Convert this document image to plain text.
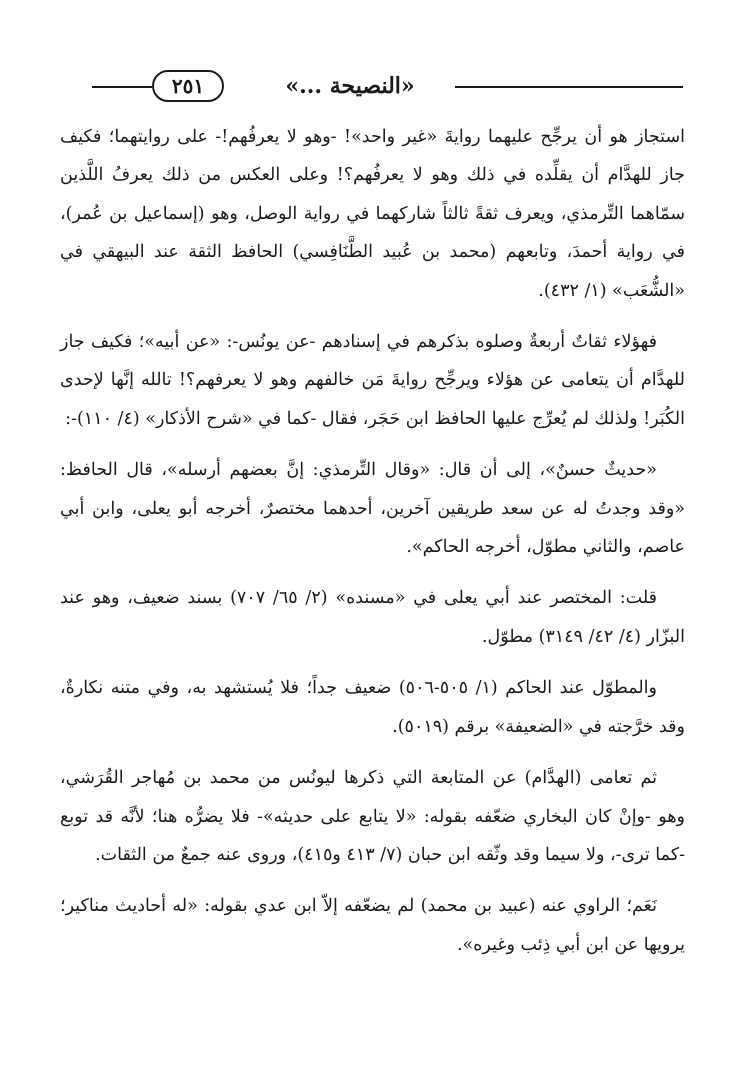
٢٥١	«النصيحة ...»

استجاز هو أن يرجِّح عليهما روايةَ «غير واحد»! -وهو لا يعرفُهم!- على روايتهما؛ فكيف جاز للهدَّام أن يقلِّده في ذلك وهو لا يعرفُهم؟! وعلى العكس من ذلك يعرفُ اللَّذين سمّاهما التِّرمذي، ويعرف ثقةً ثالثاً شاركهما في رواية الوصل، وهو (إسماعيل بن عُمر)، في رواية أحمدَ، وتابعهم (محمد بن عُبيد الطَّنَافِسي) الحافظ الثقة عند البيهقي في «الشُّعَب» (١/ ٤٣٢).

فهؤلاء ثقاتٌ أربعةٌ وصلوه بذكرهم في إسنادهم -عن يونُس-: «عن أبيه»؛ فكيف جاز للهدَّام أن يتعامى عن هؤلاء ويرجِّح روايةَ مَن خالفهم وهو لا يعرفهم؟! تالله إنَّها لإحدى الكُبَر! ولذلك لم يُعرِّج عليها الحافظ ابن حَجَر، فقال -كما في «شرح الأذكار» (٤/ ١١٠)-:

«حديثٌ حسنٌ»، إلى أن قال: «وقال التِّرمذي: إنَّ بعضهم أرسله»، قال الحافظ: «وقد وجدتُ له عن سعد طريقين آخرين، أحدهما مختصرٌ، أخرجه أبو يعلى، وابن أبي عاصم، والثاني مطوّل، أخرجه الحاكم».

قلت: المختصر عند أبي يعلى في «مسنده» (٢/ ٦٥/ ٧٠٧) بسند ضعيف، وهو عند البزّار (٤/ ٤٢/ ٣١٤٩) مطوّل.

والمطوّل عند الحاكم (١/ ٥٠٥-٥٠٦) ضعيف جداً؛ فلا يُستشهد به، وفي متنه نكارةٌ، وقد خرَّجته في «الضعيفة» برقم (٥٠١٩).

ثم تعامى (الهدَّام) عن المتابعة التي ذكرها ليونُس من محمد بن مُهاجر القُرَشي، وهو -وإنْ كان البخاري ضعّفه بقوله: «لا يتابع على حديثه»- فلا يضرُّه هنا؛ لأنَّه قد توبع -كما ترى-، ولا سيما وقد وثّقه ابن حبان (٧/ ٤١٣ و٤١٥)، وروى عنه جمعٌ من الثقات.

نَعَم؛ الراوي عنه (عبيد بن محمد) لم يضعّفه إلاّ ابن عدي بقوله: «له أحاديث مناكير؛ يرويها عن ابن أبي ذِئب وغيره».
